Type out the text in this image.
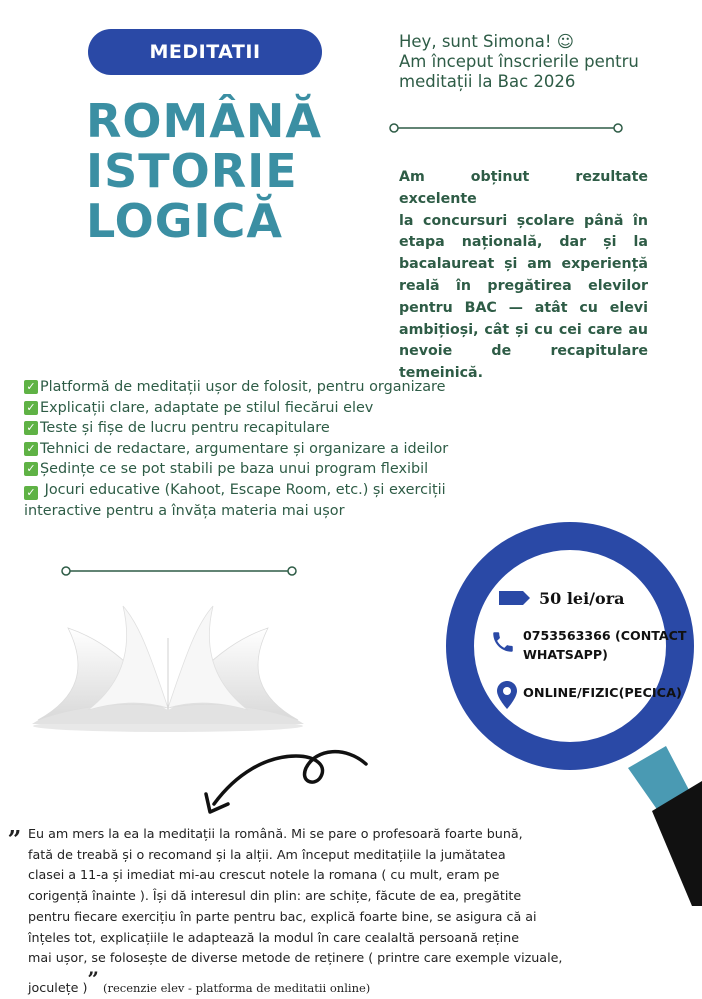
MEDITATII
ROMÂNĂ
ISTORIE
LOGICĂ
Hey, sunt Simona! ☺
Am început înscrierile pentru
meditații la Bac 2026
Am obținut rezultate excelente
la concursuri școlare până în
etapa națională, dar și la
bacalaureat și am experiență
reală în pregătirea elevilor
pentru BAC — atât cu elevi
ambițioși, cât și cu cei care au
nevoie de recapitulare
temeinică.
✓ Platformă de meditații ușor de folosit, pentru organizare
✓ Explicații clare, adaptate pe stilul fiecărui elev
✓ Teste și fișe de lucru pentru recapitulare
✓ Tehnici de redactare, argumentare și organizare a ideilor
✓ Ședințe ce se pot stabili pe baza unui program flexibil
✓ Jocuri educative (Kahoot, Escape Room, etc.) și exerciții interactive pentru a învăța materia mai ușor
50 lei/ora
0753563366 (CONTACT
WHATSAPP)
ONLINE/FIZIC(PECICA)
„ Eu am mers la ea la meditații la română. Mi se pare o profesoară foarte bună,
fată de treabă și o recomand și la alții. Am început meditațiile la jumătatea
clasei a 11-a și imediat mi-au crescut notele la romana ( cu mult, eram pe
corigență înainte ). Își dă interesul din plin: are schițe, făcute de ea, pregătite
pentru fiecare exercițiu în parte pentru bac, explică foarte bine, se asigura că ai
înțeles tot, explicațiile le adaptează la modul în care cealaltă persoană reține
mai ușor, se folosește de diverse metode de reținere ( printre care exemple vizuale,
joculețe )” (recenzie elev - platforma de meditatii online)
